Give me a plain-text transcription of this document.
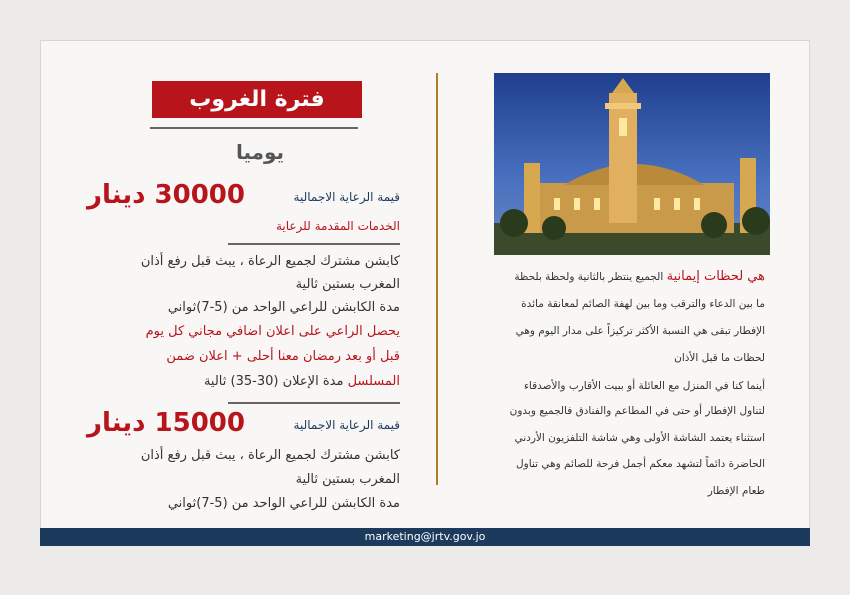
فترة الغروب
يوميا
قيمة الرعاية الاجمالية
30000 دينار
الخدمات المقدمة للرعاية
كابشن مشترك لجميع الرعاة ، يبث قبل رفع أذان
المغرب بستين ثالية
مدة الكابشن للراعي الواحد من (5-7)ثواني
يحصل الراعي على اعلان اضافي مجاني كل يوم
قبل أو بعد رمضان معنا أحلى + اعلان ضمن
المسلسل مدة الإعلان (30-35) ثالية
قيمة الرعاية الاجمالية
15000 دينار
كابشن مشترك لجميع الرعاة ، يبث قبل رفع أذان
المغرب بستين ثالية
مدة الكابشن للراعي الواحد من (5-7)ثواني
هي لحظات إيمانية الجميع ينتظر بالثانية ولحظة بلحظة
ما بين الدعاء والترقب وما بين لهفة الصائم لمعانقة مائدة
الإفطار تبقى هي النسبة الأكثر تركيزاً على مدار اليوم وهي
لحظات ما قبل الأذان
أينما كنا في المنزل مع العائلة أو ببيت الأقارب والأصدقاء
لتناول الإفطار أو حتى في المطاعم والفنادق فالجميع وبدون
استثناء يعتمد الشاشة الأولى وهي شاشة التلفزيون الأردني
الحاضرة دائماً لتشهد معكم أجمل فرحة للصائم وهي تناول
طعام الإفطار
marketing@jrtv.gov.jo
